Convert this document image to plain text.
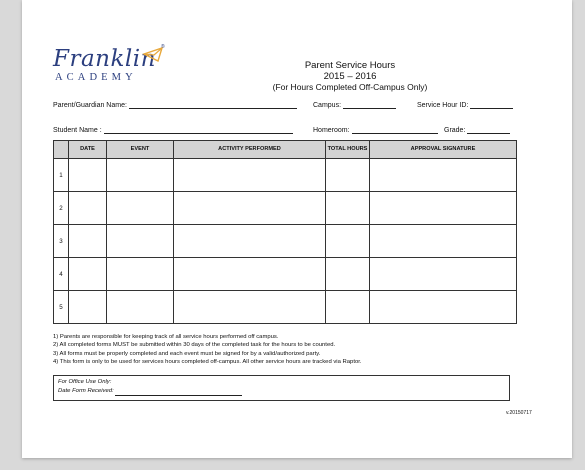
Franklin
ACADEMY
®
Parent Service Hours
2015 – 2016
(For Hours Completed Off-Campus Only)
Parent/Guardian Name:	Campus:	Service Hour ID:
Student Name :	Homeroom:	Grade:
	DATE	EVENT	ACTIVITY PERFORMED	TOTAL HOURS	APPROVAL SIGNATURE
1					
2					
3					
4					
5					
1) Parents are responsible for keeping track of all service hours performed off campus.
2) All completed forms MUST be submitted within 30 days of the completed task for the hours to be counted.
3) All forms must be properly completed and each event must be signed for by a valid/authorized party.
4) This form is only to be used for services hours completed off-campus. All other service hours are tracked via Raptor.
For Office Use Only:
Date Form Received:
v.20150717
